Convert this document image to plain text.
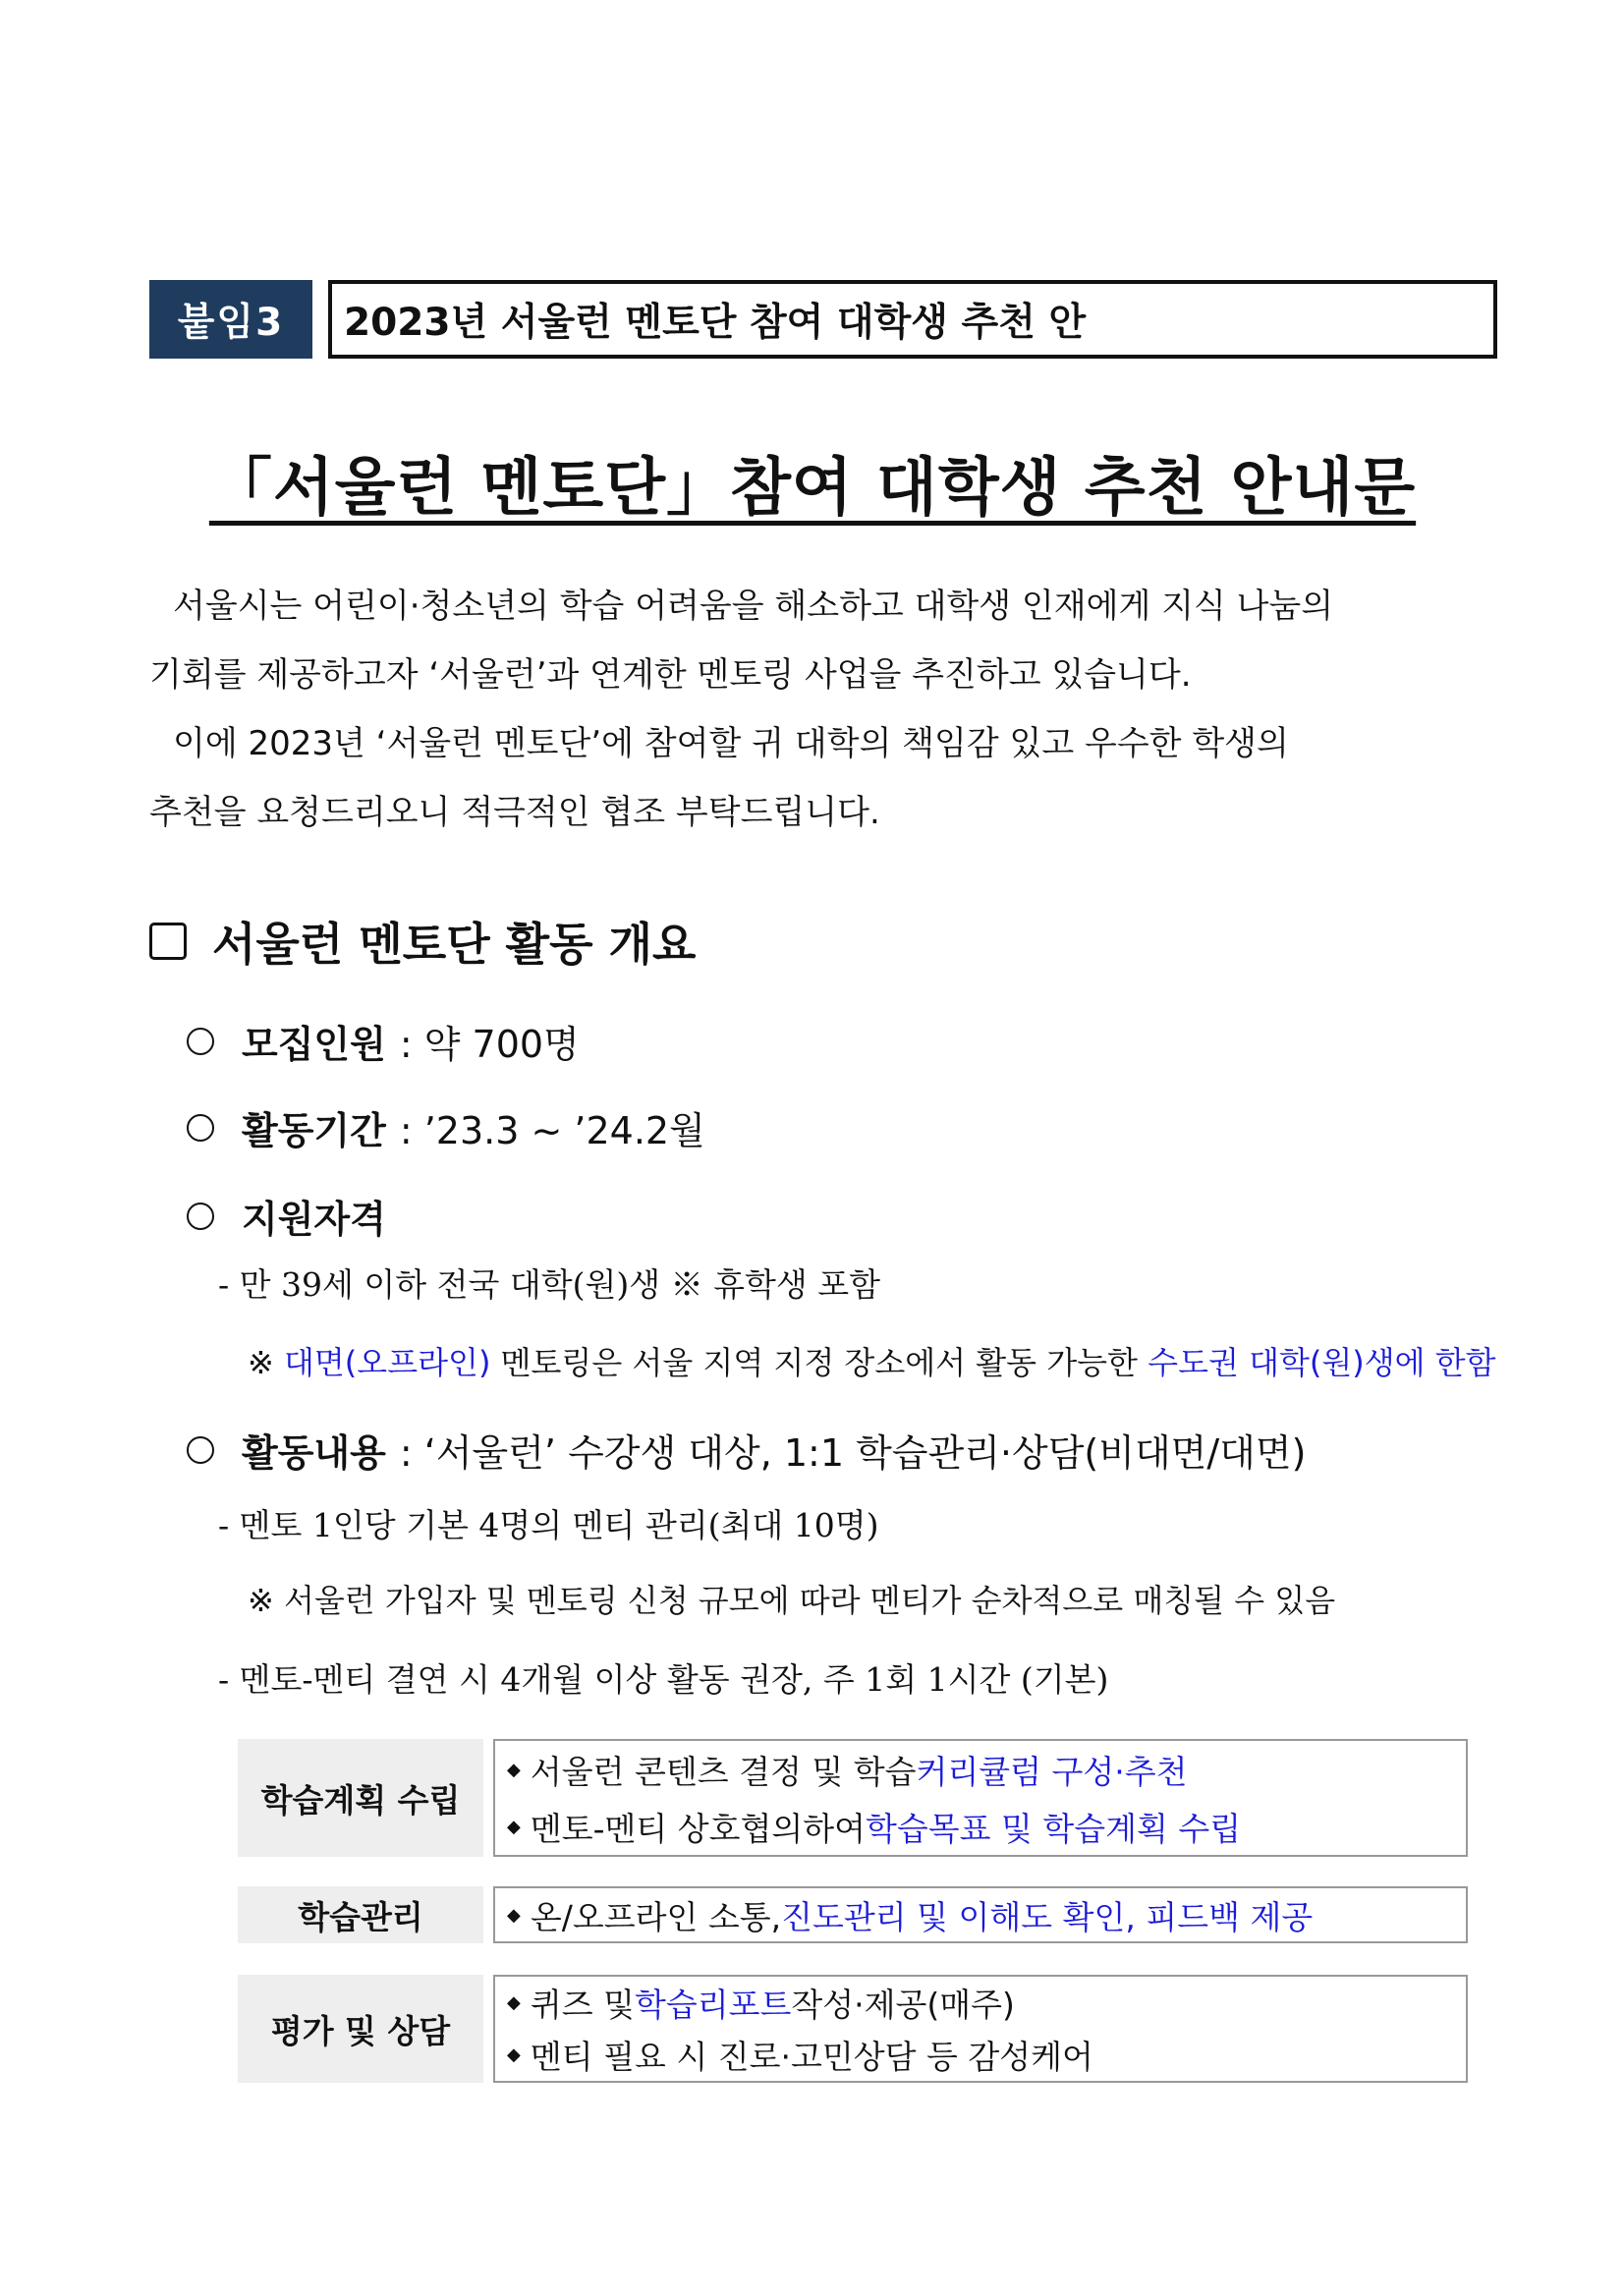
붙임3	2023년 서울런 멘토단 참여 대학생 추천 안
「서울런 멘토단」참여 대학생 추천 안내문
서울시는 어린이·청소년의 학습 어려움을 해소하고 대학생 인재에게 지식 나눔의
기회를 제공하고자 ‘서울런’과 연계한 멘토링 사업을 추진하고 있습니다.
이에 2023년 ‘서울런 멘토단’에 참여할 귀 대학의 책임감 있고 우수한 학생의
추천을 요청드리오니 적극적인 협조 부탁드립니다.
서울런 멘토단 활동 개요
모집인원 : 약 700명
활동기간 : ’23.3 ~ ’24.2월
지원자격
- 만 39세 이하 전국 대학(원)생 ※ 휴학생 포함
※ 대면(오프라인) 멘토링은 서울 지역 지정 장소에서 활동 가능한 수도권 대학(원)생에 한함
활동내용 : ‘서울런’ 수강생 대상, 1:1 학습관리·상담(비대면/대면)
- 멘토 1인당 기본 4명의 멘티 관리(최대 10명)
※ 서울런 가입자 및 멘토링 신청 규모에 따라 멘티가 순차적으로 매칭될 수 있음
- 멘토-멘티 결연 시 4개월 이상 활동 권장, 주 1회 1시간 (기본)
학습계획 수립
◆ 서울런 콘텐츠 결정 및 학습 커리큘럼 구성·추천
◆ 멘토-멘티 상호협의하여 학습목표 및 학습계획 수립
학습관리	◆ 온/오프라인 소통, 진도관리 및 이해도 확인, 피드백 제공
평가 및 상담
◆ 퀴즈 및 학습리포트 작성·제공(매주)
◆ 멘티 필요 시 진로·고민상담 등 감성케어
